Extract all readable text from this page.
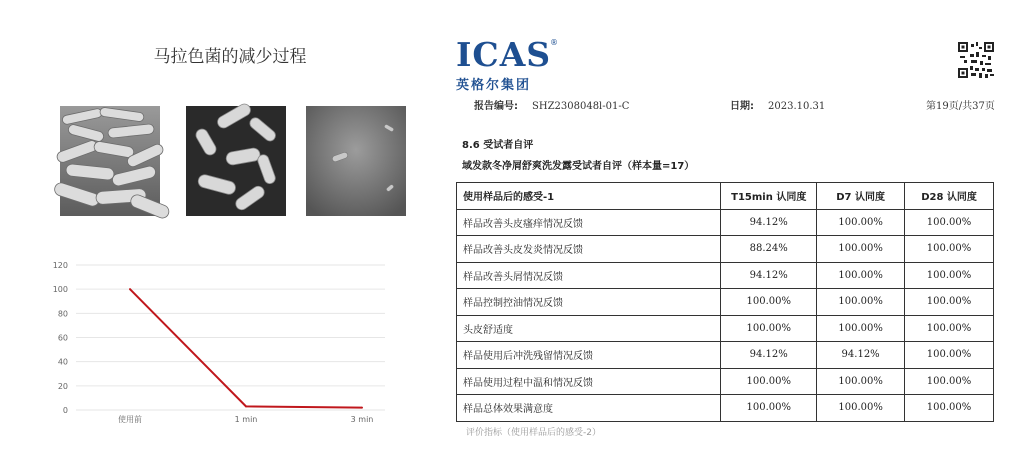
马拉色菌的减少过程
0
20
40
60
80
100
120
使用前	1 min	3 min
ICAS
®
英格尔集团
报告编号: SHZ2308048l-01-C	日期: 2023.10.31	第19页/共37页
8.6 受试者自评
域发款冬净屑舒爽洗发露受试者自评（样本量=17）
使用样品后的感受-1	T15min 认同度	D7 认同度	D28 认同度
样品改善头皮瘙痒情况反馈	94.12%	100.00%	100.00%
样品改善头皮发炎情况反馈	88.24%	100.00%	100.00%
样品改善头屑情况反馈	94.12%	100.00%	100.00%
样品控制控油情况反馈	100.00%	100.00%	100.00%
头皮舒适度	100.00%	100.00%	100.00%
样品使用后冲洗残留情况反馈	94.12%	94.12%	100.00%
样品使用过程中温和情况反馈	100.00%	100.00%	100.00%
样品总体效果满意度	100.00%	100.00%	100.00%
评价指标（使用样品后的感受-2）
